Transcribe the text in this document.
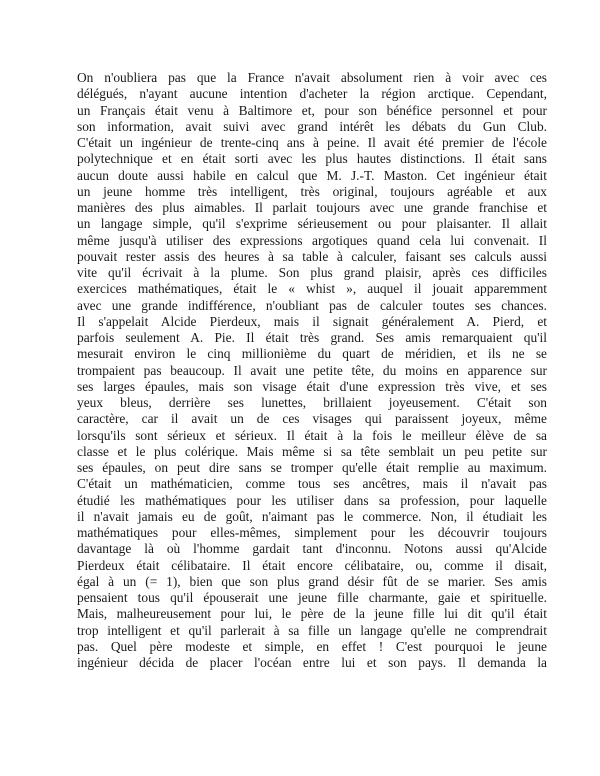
On n'oubliera pas que la France n'avait absolument rien à voir avec ces
délégués, n'ayant aucune intention d'acheter la région arctique. Cependant,
un Français était venu à Baltimore et, pour son bénéfice personnel et pour
son information, avait suivi avec grand intérêt les débats du Gun Club.
C'était un ingénieur de trente-cinq ans à peine. Il avait été premier de l'école
polytechnique et en était sorti avec les plus hautes distinctions. Il était sans
aucun doute aussi habile en calcul que M. J.-T. Maston. Cet ingénieur était
un jeune homme très intelligent, très original, toujours agréable et aux
manières des plus aimables. Il parlait toujours avec une grande franchise et
un langage simple, qu'il s'exprime sérieusement ou pour plaisanter. Il allait
même jusqu'à utiliser des expressions argotiques quand cela lui convenait. Il
pouvait rester assis des heures à sa table à calculer, faisant ses calculs aussi
vite qu'il écrivait à la plume. Son plus grand plaisir, après ces difficiles
exercices mathématiques, était le « whist », auquel il jouait apparemment
avec une grande indifférence, n'oubliant pas de calculer toutes ses chances.
Il s'appelait Alcide Pierdeux, mais il signait généralement A. Pierd, et
parfois seulement A. Pie. Il était très grand. Ses amis remarquaient qu'il
mesurait environ le cinq millionième du quart de méridien, et ils ne se
trompaient pas beaucoup. Il avait une petite tête, du moins en apparence sur
ses larges épaules, mais son visage était d'une expression très vive, et ses
yeux bleus, derrière ses lunettes, brillaient joyeusement. C'était son
caractère, car il avait un de ces visages qui paraissent joyeux, même
lorsqu'ils sont sérieux et sérieux. Il était à la fois le meilleur élève de sa
classe et le plus colérique. Mais même si sa tête semblait un peu petite sur
ses épaules, on peut dire sans se tromper qu'elle était remplie au maximum.
C'était un mathématicien, comme tous ses ancêtres, mais il n'avait pas
étudié les mathématiques pour les utiliser dans sa profession, pour laquelle
il n'avait jamais eu de goût, n'aimant pas le commerce. Non, il étudiait les
mathématiques pour elles-mêmes, simplement pour les découvrir toujours
davantage là où l'homme gardait tant d'inconnu. Notons aussi qu'Alcide
Pierdeux était célibataire. Il était encore célibataire, ou, comme il disait,
égal à un (= 1), bien que son plus grand désir fût de se marier. Ses amis
pensaient tous qu'il épouserait une jeune fille charmante, gaie et spirituelle.
Mais, malheureusement pour lui, le père de la jeune fille lui dit qu'il était
trop intelligent et qu'il parlerait à sa fille un langage qu'elle ne comprendrait
pas. Quel père modeste et simple, en effet ! C'est pourquoi le jeune
ingénieur décida de placer l'océan entre lui et son pays. Il demanda la
